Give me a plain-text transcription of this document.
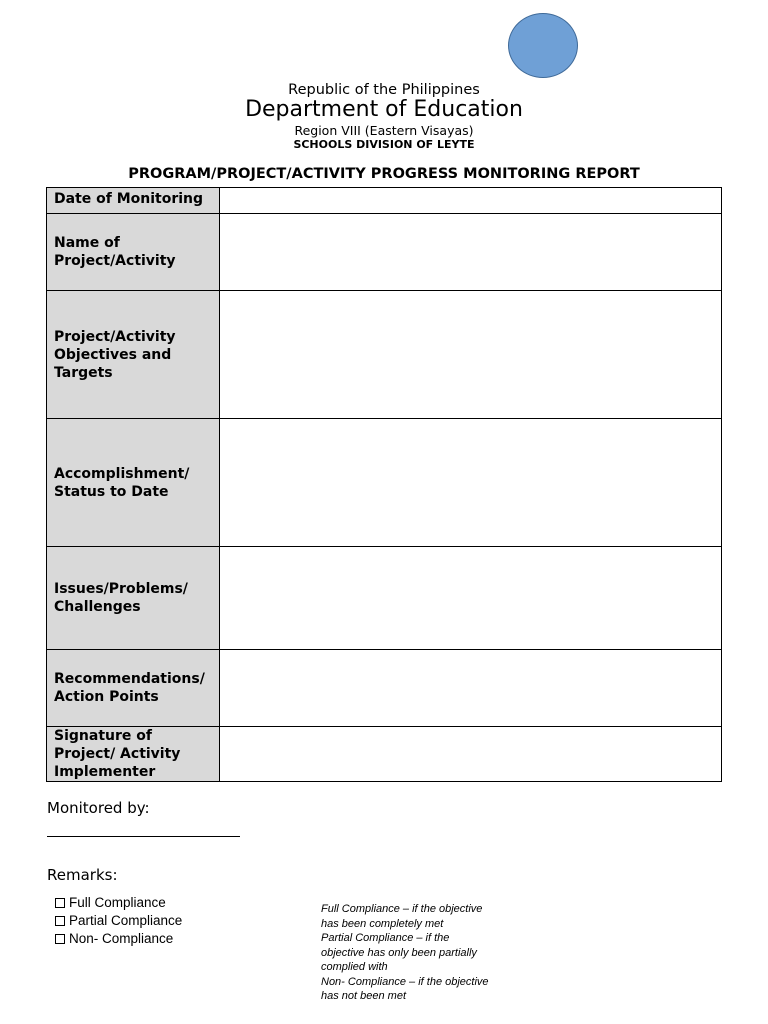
Republic of the Philippines
Department of Education
Region VIII (Eastern Visayas)
SCHOOLS DIVISION OF LEYTE
PROGRAM/PROJECT/ACTIVITY PROGRESS MONITORING REPORT
Date of Monitoring	
Name of Project/Activity	
Project/Activity Objectives and Targets	
Accomplishment/ Status to Date	
Issues/Problems/ Challenges	
Recommendations/ Action Points	
Signature of Project/ Activity Implementer	
Monitored by:
Remarks:
Full Compliance
Partial Compliance
Non- Compliance
Full Compliance – if the objective has been completely met
Partial Compliance – if the objective has only been partially complied with
Non- Compliance – if the objective has not been met
